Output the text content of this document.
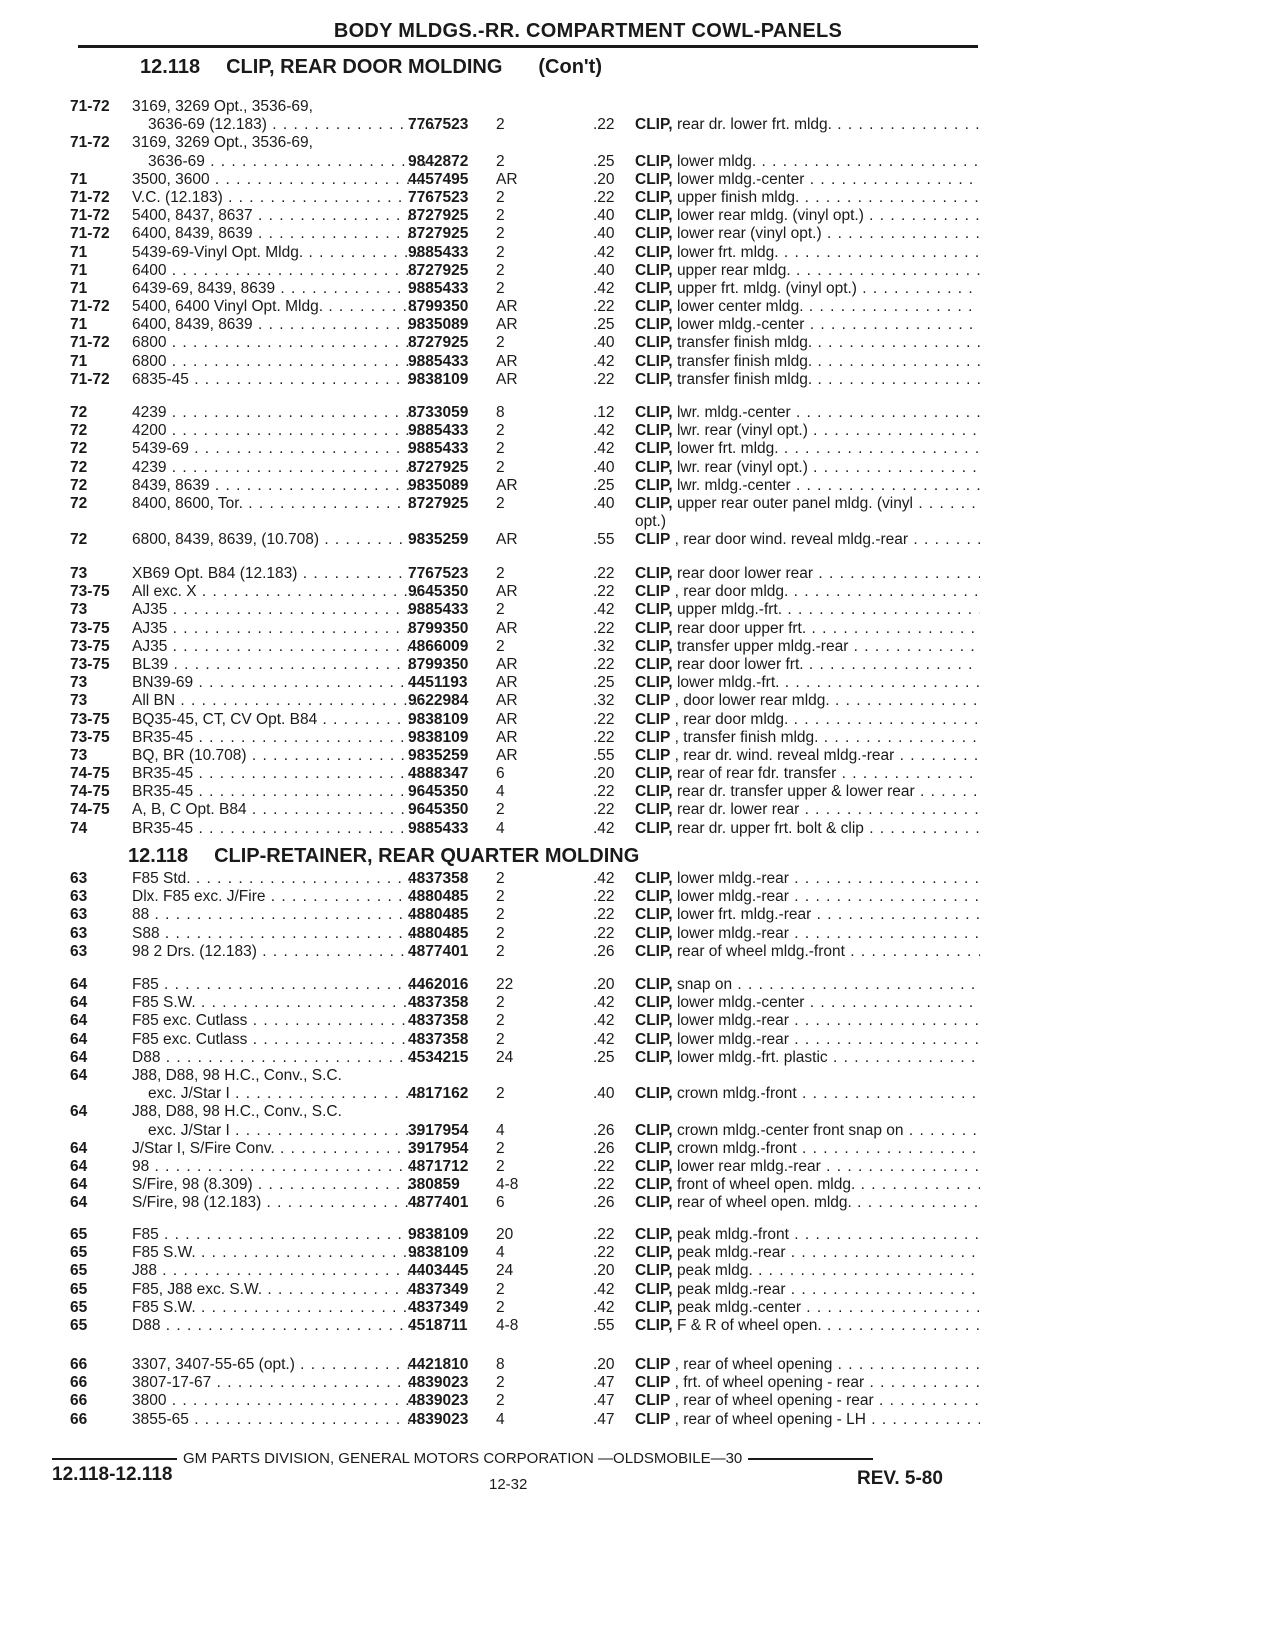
BODY MLDGS.-RR. COMPARTMENT COWL-PANELS
12.118 CLIP, REAR DOOR MOLDING (Con't)
12.118 CLIP-RETAINER, REAR QUARTER MOLDING
71-72	3169, 3269 Opt., 3536-69,
3636-69 (12.183) . . .	7767523	2	.22	CLIP, rear dr. lower frt. mldg. . . .
71-72	3169, 3269 Opt., 3536-69,
3636-69 . . .	9842872	2	.25	CLIP, lower mldg. . . .
71	3500, 3600 . . .	4457495	AR	.20	CLIP, lower mldg.-center . . .
71-72	V.C. (12.183) . . .	7767523	2	.22	CLIP, upper finish mldg. . . .
71-72	5400, 8437, 8637 . . .	8727925	2	.40	CLIP, lower rear mldg. (vinyl opt.) . . .
71-72	6400, 8439, 8639 . . .	8727925	2	.40	CLIP, lower rear (vinyl opt.) . . .
71	5439-69-Vinyl Opt. Mldg. . . .	9885433	2	.42	CLIP, lower frt. mldg. . . .
71	6400 . . .	8727925	2	.40	CLIP, upper rear mldg. . . .
71	6439-69, 8439, 8639 . . .	9885433	2	.42	CLIP, upper frt. mldg. (vinyl opt.) . . .
71-72	5400, 6400 Vinyl Opt. Mldg. . . .	8799350	AR	.22	CLIP, lower center mldg. . . .
71	6400, 8439, 8639 . . .	9835089	AR	.25	CLIP, lower mldg.-center . . .
71-72	6800 . . .	8727925	2	.40	CLIP, transfer finish mldg. . . .
71	6800 . . .	9885433	AR	.42	CLIP, transfer finish mldg. . . .
71-72	6835-45 . . .	9838109	AR	.22	CLIP, transfer finish mldg. . . .
72	4239 . . .	8733059	8	.12	CLIP, lwr. mldg.-center . . .
72	4200 . . .	9885433	2	.42	CLIP, lwr. rear (vinyl opt.) . . .
72	5439-69 . . .	9885433	2	.42	CLIP, lower frt. mldg. . . .
72	4239 . . .	8727925	2	.40	CLIP, lwr. rear (vinyl opt.) . . .
72	8439, 8639 . . .	9835089	AR	.25	CLIP, lwr. mldg.-center . . .
72	8400, 8600, Tor. . . .	8727925	2	.40	CLIP, upper rear outer panel mldg. (vinyl . . .
opt.)
72	6800, 8439, 8639, (10.708) . . .	9835259	AR	.55	CLIP , rear door wind. reveal mldg.-rear . . .
73	XB69 Opt. B84 (12.183) . . .	7767523	2	.22	CLIP, rear door lower rear . . .
73-75	All exc. X . . .	9645350	AR	.22	CLIP , rear door mldg. . . .
73	AJ35 . . .	9885433	2	.42	CLIP, upper mldg.-frt. . . .
73-75	AJ35 . . .	8799350	AR	.22	CLIP, rear door upper frt. . . .
73-75	AJ35 . . .	4866009	2	.32	CLIP, transfer upper mldg.-rear . . .
73-75	BL39 . . .	8799350	AR	.22	CLIP, rear door lower frt. . . .
73	BN39-69 . . .	4451193	AR	.25	CLIP, lower mldg.-frt. . . .
73	All BN . . .	9622984	AR	.32	CLIP , door lower rear mldg. . . .
73-75	BQ35-45, CT, CV Opt. B84 . . .	9838109	AR	.22	CLIP , rear door mldg. . . .
73-75	BR35-45 . . .	9838109	AR	.22	CLIP , transfer finish mldg. . . .
73	BQ, BR (10.708) . . .	9835259	AR	.55	CLIP , rear dr. wind. reveal mldg.-rear . . .
74-75	BR35-45 . . .	4888347	6	.20	CLIP, rear of rear fdr. transfer . . .
74-75	BR35-45 . . .	9645350	4	.22	CLIP, rear dr. transfer upper & lower rear . . .
74-75	A, B, C Opt. B84 . . .	9645350	2	.22	CLIP, rear dr. lower rear . . .
74	BR35-45 . . .	9885433	4	.42	CLIP, rear dr. upper frt. bolt & clip . . .
63	F85 Std. . . .	4837358	2	.42	CLIP, lower mldg.-rear . . .
63	Dlx. F85 exc. J/Fire . . .	4880485	2	.22	CLIP, lower mldg.-rear . . .
63	88 . . .	4880485	2	.22	CLIP, lower frt. mldg.-rear . . .
63	S88 . . .	4880485	2	.22	CLIP, lower mldg.-rear . . .
63	98 2 Drs. (12.183) . . .	4877401	2	.26	CLIP, rear of wheel mldg.-front . . .
64	F85 . . .	4462016	22	.20	CLIP, snap on . . .
64	F85 S.W. . . .	4837358	2	.42	CLIP, lower mldg.-center . . .
64	F85 exc. Cutlass . . .	4837358	2	.42	CLIP, lower mldg.-rear . . .
64	F85 exc. Cutlass . . .	4837358	2	.42	CLIP, lower mldg.-rear . . .
64	D88 . . .	4534215	24	.25	CLIP, lower mldg.-frt. plastic . . .
64	J88, D88, 98 H.C., Conv., S.C.
exc. J/Star I . . .	4817162	2	.40	CLIP, crown mldg.-front . . .
64	J88, D88, 98 H.C., Conv., S.C.
exc. J/Star I . . .	3917954	4	.26	CLIP, crown mldg.-center front snap on . . .
64	J/Star I, S/Fire Conv. . . .	3917954	2	.26	CLIP, crown mldg.-front . . .
64	98 . . .	4871712	2	.22	CLIP, lower rear mldg.-rear . . .
64	S/Fire, 98 (8.309) . . .	380859	4-8	.22	CLIP, front of wheel open. mldg. . . .
64	S/Fire, 98 (12.183) . . .	4877401	6	.26	CLIP, rear of wheel open. mldg. . . .
65	F85 . . .	9838109	20	.22	CLIP, peak mldg.-front . . .
65	F85 S.W. . . .	9838109	4	.22	CLIP, peak mldg.-rear . . .
65	J88 . . .	4403445	24	.20	CLIP, peak mldg. . . .
65	F85, J88 exc. S.W. . . .	4837349	2	.42	CLIP, peak mldg.-rear . . .
65	F85 S.W. . . .	4837349	2	.42	CLIP, peak mldg.-center . . .
65	D88 . . .	4518711	4-8	.55	CLIP, F & R of wheel open. . . .
66	3307, 3407-55-65 (opt.) . . .	4421810	8	.20	CLIP , rear of wheel opening . . .
66	3807-17-67 . . .	4839023	2	.47	CLIP , frt. of wheel opening - rear . . .
66	3800 . . .	4839023	2	.47	CLIP , rear of wheel opening - rear . . .
66	3855-65 . . .	4839023	4	.47	CLIP , rear of wheel opening - LH . . .
GM PARTS DIVISION, GENERAL MOTORS CORPORATION —OLDSMOBILE—30
12.118-12.118	12-32	REV. 5-80
